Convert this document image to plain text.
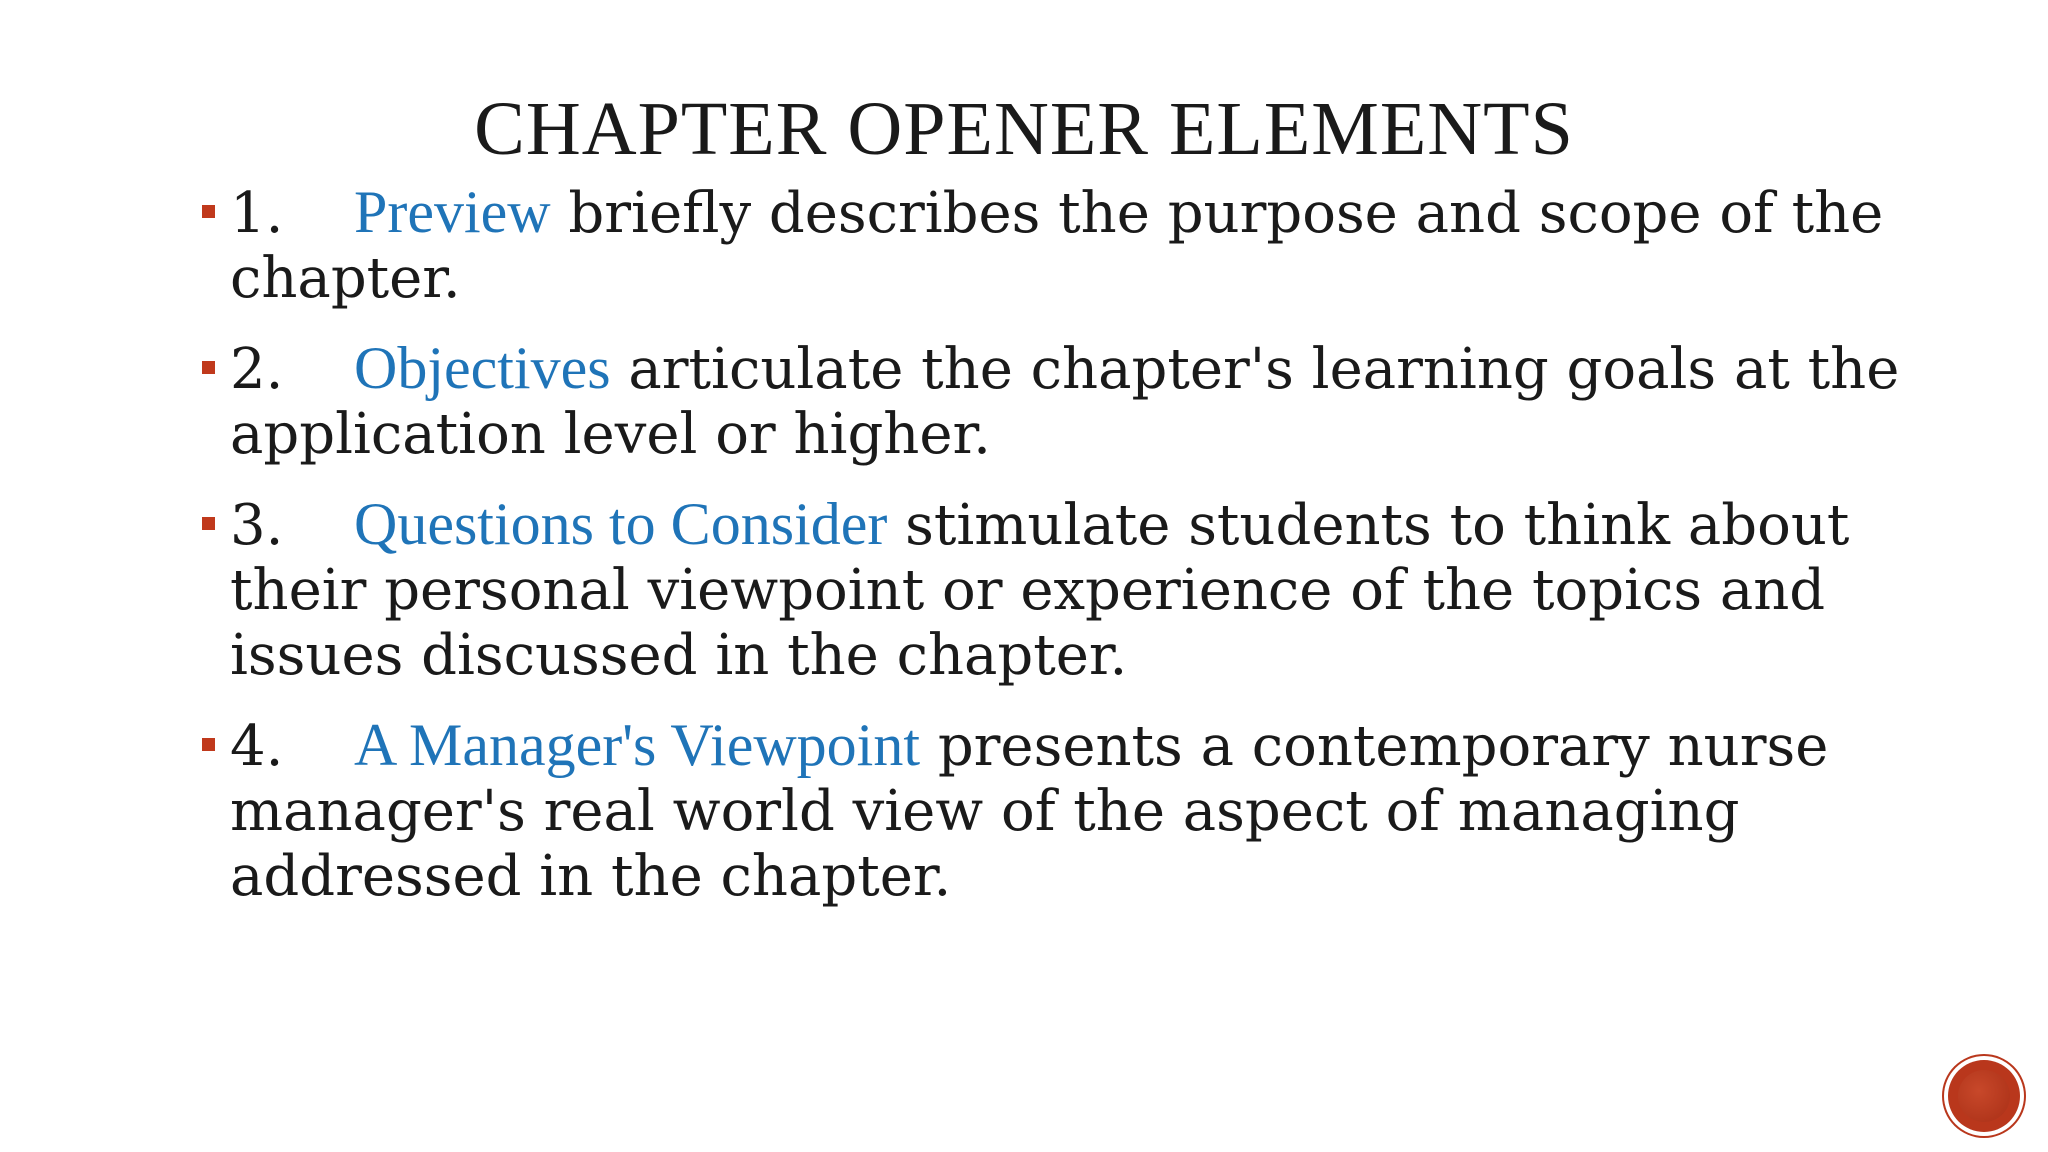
CHAPTER OPENER ELEMENTS
1. Preview briefly describes the purpose and scope of the chapter.
2. Objectives articulate the chapter's learning goals at the application level or higher.
3. Questions to Consider stimulate students to think about their personal viewpoint or experience of the topics and issues discussed in the chapter.
4. A Manager's Viewpoint presents a contemporary nurse manager's real world view of the aspect of managing addressed in the chapter.
